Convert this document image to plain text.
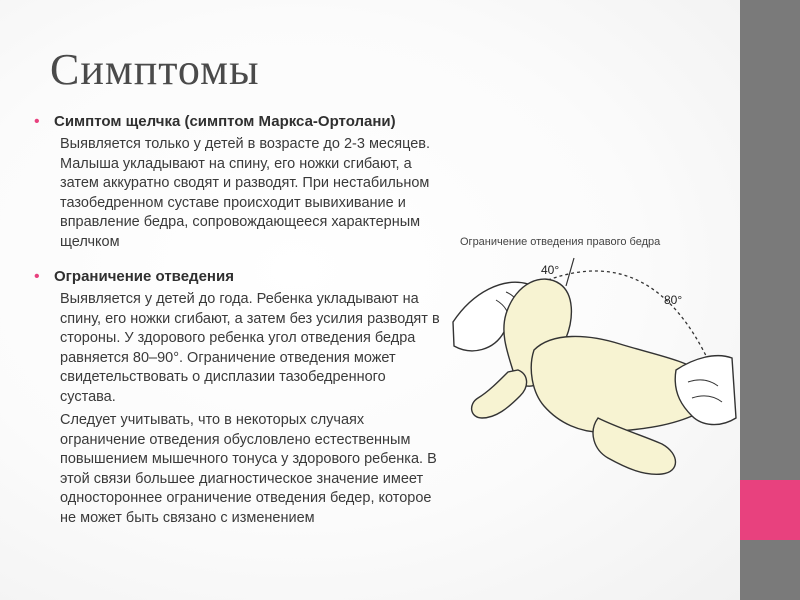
Симптомы
• Симптом щелчка (симптом Маркса-Ортолани)
Выявляется только у детей в возрасте до 2-3 месяцев. Малыша укладывают на спину, его ножки сгибают, а затем аккуратно сводят и разводят. При нестабильном тазобедренном суставе происходит вывихивание и вправление бедра, сопровождающееся характерным щелчком
• Ограничение отведения
Выявляется у детей до года. Ребенка укладывают на спину, его ножки сгибают, а затем без усилия разводят в стороны. У здорового ребенка угол отведения бедра равняется 80–90°. Ограничение отведения может свидетельствовать о дисплазии тазобедренного сустава.
Следует учитывать, что в некоторых случаях ограничение отведения обусловлено естественным повышением мышечного тонуса у здорового ребенка. В этой связи большее диагностическое значение имеет одностороннее ограничение отведения бедер, которое не может быть связано с изменением
Ограничение отведения правого бедра
40°
80°
